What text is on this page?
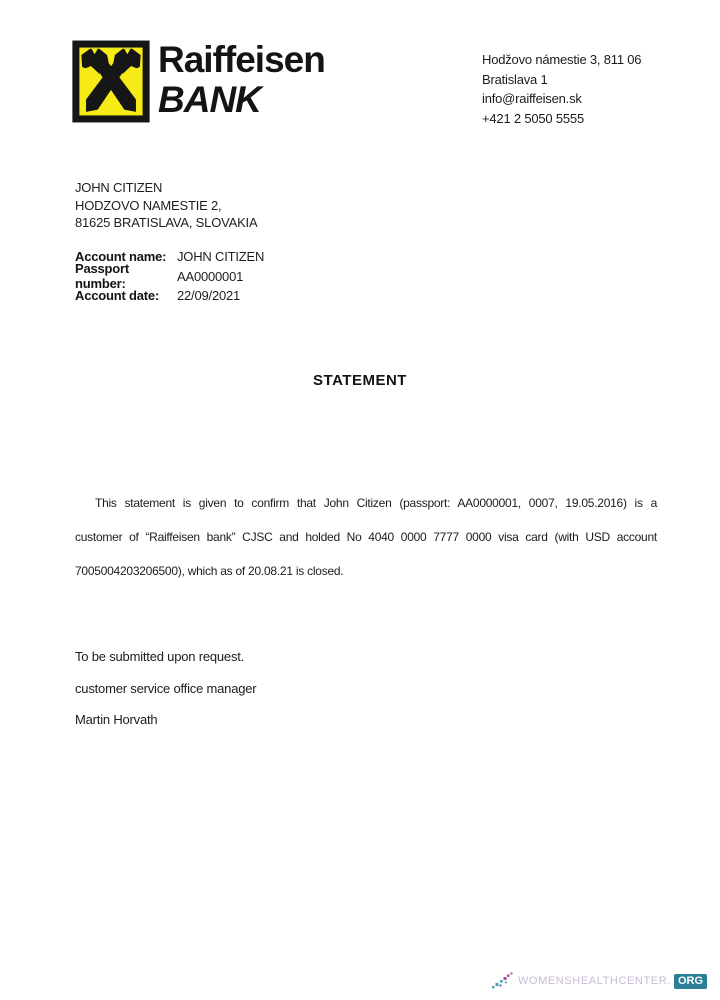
Raiffeisen
BANK
Hodžovo námestie 3, 811 06
Bratislava 1
info@raiffeisen.sk
+421 2 5050 5555
JOHN CITIZEN
HODZOVO NAMESTIE 2,
81625 BRATISLAVA, SLOVAKIA
Account name: JOHN CITIZEN
Passport number:	AA0000001
Account date:	22/09/2021
STATEMENT
This statement is given to confirm that John Citizen (passport: AA0000001, 0007, 19.05.2016) is a
customer of “Raiffeisen bank” CJSC and holded No 4040 0000 7777 0000 visa card (with USD account
7005004203206500), which as of 20.08.21 is closed.
To be submitted upon request.
customer service office manager
Martin Horvath
WOMENSHEALTHCENTER. ORG
